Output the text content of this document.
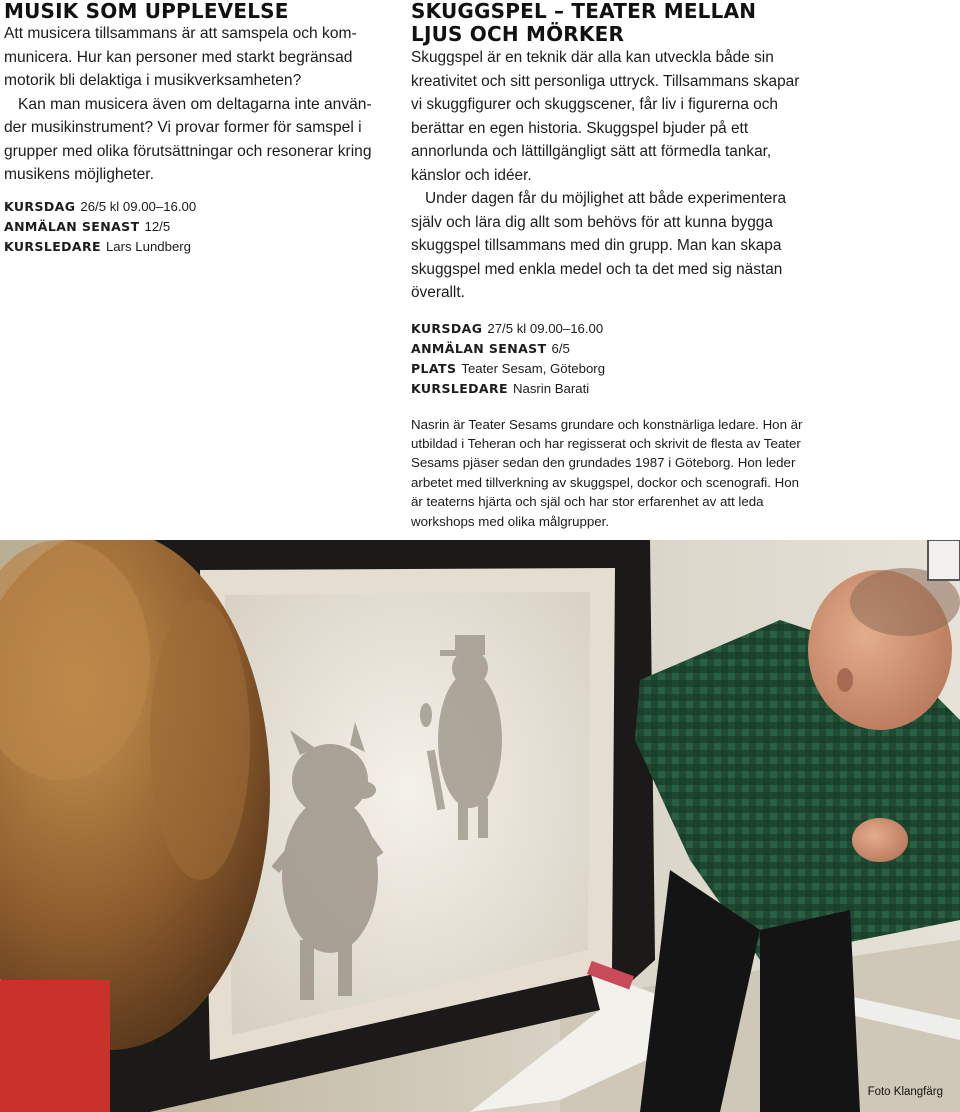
MUSIK SOM UPPLEVELSE

Att musicera tillsammans är att samspela och kommunicera. Hur kan personer med starkt begränsad motorik bli delaktiga i musikverksamheten?

Kan man musicera även om deltagarna inte använder musikinstrument? Vi provar former för samspel i grupper med olika förutsättningar och resonerar kring musikens möjligheter.

KURSDAG 26/5 kl 09.00–16.00
ANMÄLAN SENAST 12/5
KURSLEDARE Lars Lundberg
SKUGGSPEL – TEATER MELLAN
LJUS OCH MÖRKER

Skuggspel är en teknik där alla kan utveckla både sin kreativitet och sitt personliga uttryck. Tillsammans skapar vi skuggfigurer och skuggscener, får liv i figurerna och berättar en egen historia. Skuggspel bjuder på ett annorlunda och lättillgängligt sätt att förmedla tankar, känslor och idéer.

Under dagen får du möjlighet att både experimentera själv och lära dig allt som behövs för att kunna bygga skuggspel tillsammans med din grupp. Man kan skapa skuggspel med enkla medel och ta det med sig nästan överallt.

KURSDAG 27/5 kl 09.00–16.00
ANMÄLAN SENAST 6/5
PLATS Teater Sesam, Göteborg
KURSLEDARE Nasrin Barati

Nasrin är Teater Sesams grundare och konstnärliga ledare. Hon är utbildad i Teheran och har regisserat och skrivit de flesta av Teater Sesams pjäser sedan den grundades 1987 i Göteborg. Hon leder arbetet med tillverkning av skuggspel, dockor och scenografi. Hon är teaterns hjärta och själ och har stor erfarenhet av att leda workshops med olika målgrupper.

Foto Klangfärg
